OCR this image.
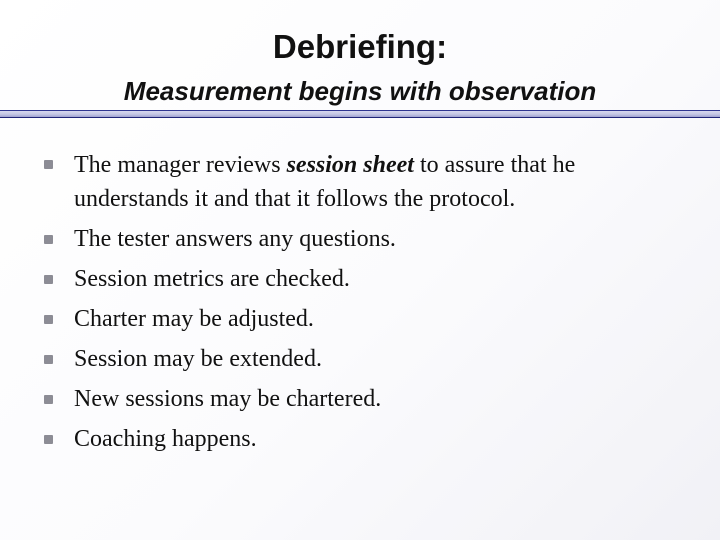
Debriefing:
Measurement begins with observation
The manager reviews session sheet to assure that he understands it and that it follows the protocol.
The tester answers any questions.
Session metrics are checked.
Charter may be adjusted.
Session may be extended.
New sessions may be chartered.
Coaching happens.
